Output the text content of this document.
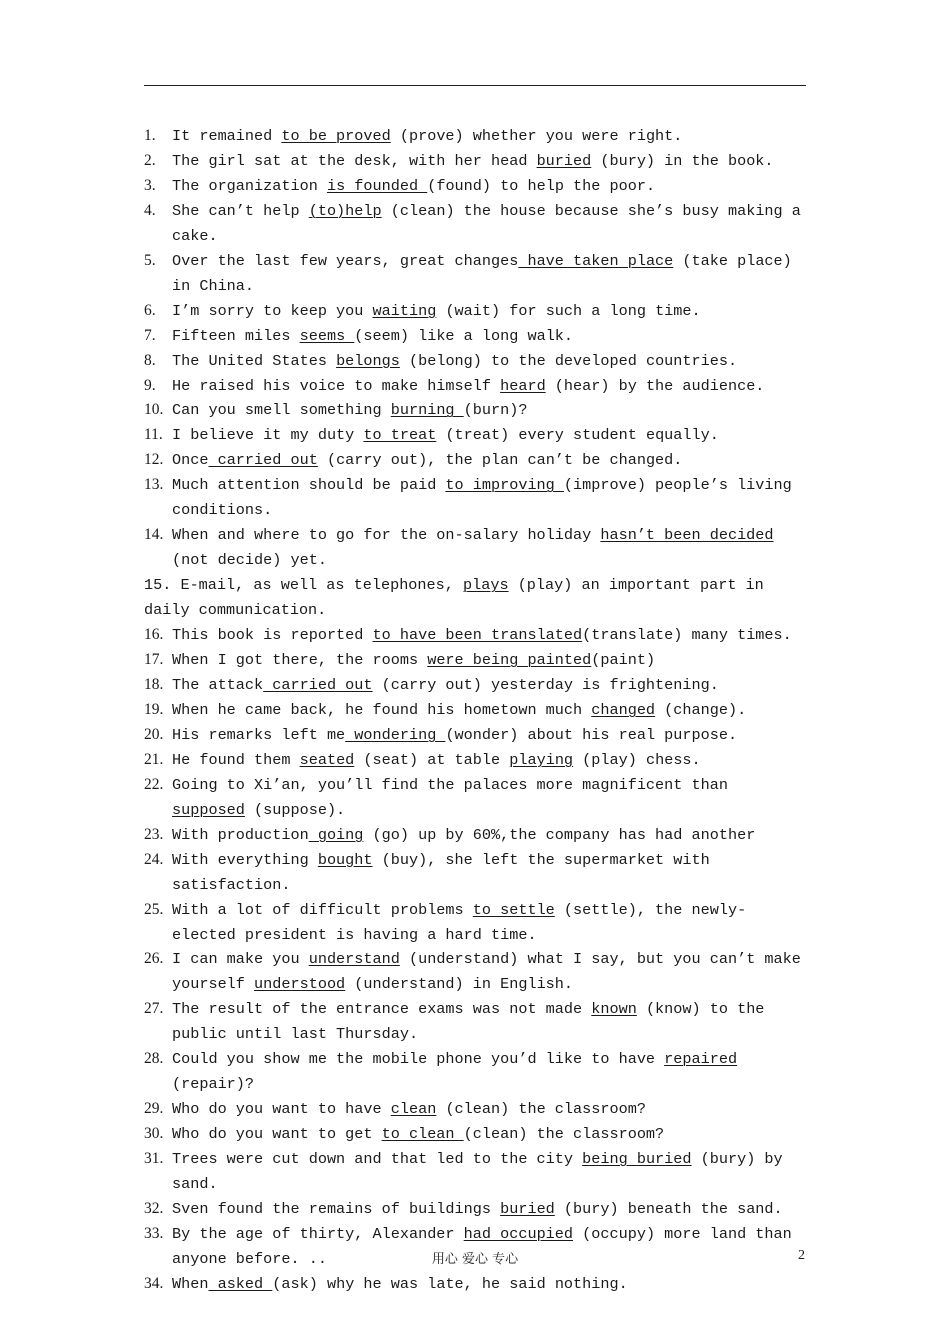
1. It remained to be proved (prove) whether you were right.
2. The girl sat at the desk, with her head buried (bury) in the book.
3. The organization is founded (found) to help the poor.
4. She can’t help (to)help (clean) the house because she’s busy making a cake.
5. Over the last few years, great changes have taken place (take place) in China.
6. I’m sorry to keep you waiting (wait) for such a long time.
7. Fifteen miles seems (seem) like a long walk.
8. The United States belongs (belong) to the developed countries.
9. He raised his voice to make himself heard (hear) by the audience.
10. Can you smell something burning (burn)?
11. I believe it my duty to treat (treat) every student equally.
12. Once carried out (carry out), the plan can’t be changed.
13. Much attention should be paid to improving (improve) people’s living conditions.
14. When and where to go for the on-salary holiday hasn’t been decided (not decide) yet.
15. E-mail, as well as telephones, plays (play) an important part in daily communication.
16. This book is reported to have been translated(translate) many times.
17. When I got there, the rooms were being painted(paint)
18. The attack carried out (carry out) yesterday is frightening.
19. When he came back, he found his hometown much changed (change).
20. His remarks left me wondering (wonder) about his real purpose.
21. He found them seated (seat) at table playing (play) chess.
22. Going to Xi’an, you’ll find the palaces more magnificent than supposed (suppose).
23. With production going (go) up by 60%,the company has had another
24. With everything bought (buy), she left the supermarket with satisfaction.
25. With a lot of difficult problems to settle (settle), the newly-elected president is having a hard time.
26. I can make you understand (understand) what I say, but you can’t make yourself understood (understand) in English.
27. The result of the entrance exams was not made known (know) to the public until last Thursday.
28. Could you show me the mobile phone you’d like to have repaired (repair)?
29. Who do you want to have clean (clean) the classroom?
30. Who do you want to get to clean (clean) the classroom?
31. Trees were cut down and that led to the city being buried (bury) by sand.
32. Sven found the remains of buildings buried (bury) beneath the sand.
33. By the age of thirty, Alexander had occupied (occupy) more land than anyone before. ..
34. When asked (ask) why he was late, he said nothing.
用心 爱心 专心	2
